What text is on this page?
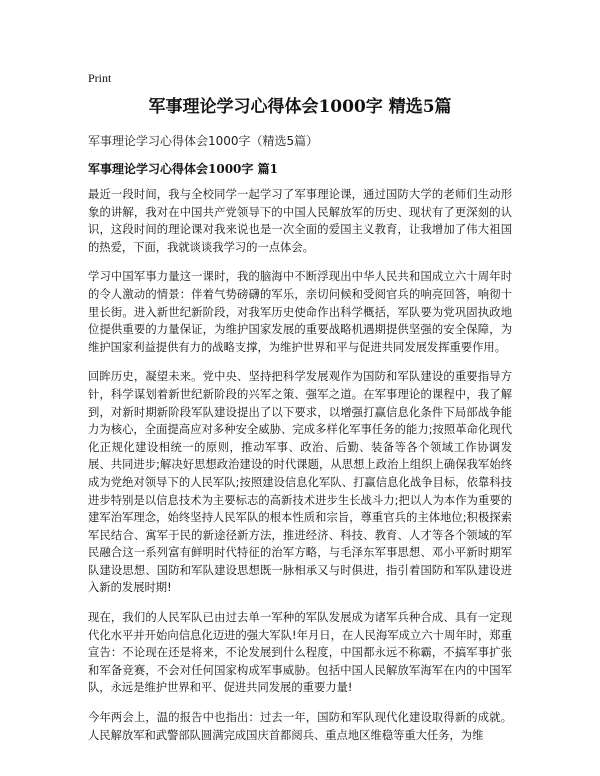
Print
军事理论学习心得体会1000字 精选5篇
军事理论学习心得体会1000字（精选5篇）
军事理论学习心得体会1000字 篇1

最近一段时间，我与全校同学一起学习了军事理论课，通过国防大学的老师们生动形象的讲解，我对在中国共产党领导下的中国人民解放军的历史、现状有了更深刻的认识，这段时间的理论课对我来说也是一次全面的爱国主义教育，让我增加了伟大祖国的热爱，下面，我就谈谈我学习的一点体会。

学习中国军事力量这一课时，我的脑海中不断浮现出中华人民共和国成立六十周年时的令人激动的情景：伴着气势磅礴的军乐，亲切问候和受阅官兵的响亮回答，响彻十里长街。进入新世纪新阶段，对我军历史使命作出科学概括，军队要为党巩固执政地位提供重要的力量保证，为维护国家发展的重要战略机遇期提供坚强的安全保障，为维护国家利益提供有力的战略支撑，为维护世界和平与促进共同发展发挥重要作用。

回眸历史，凝望未来。党中央、坚持把科学发展观作为国防和军队建设的重要指导方针，科学谋划着新世纪新阶段的兴军之策、强军之道。在军事理论的课程中，我了解到，对新时期新阶段军队建设提出了以下要求，以增强打赢信息化条件下局部战争能力为核心，全面提高应对多种安全威胁、完成多样化军事任务的能力;按照革命化现代化正规化建设相统一的原则，推动军事、政治、后勤、装备等各个领域工作协调发展、共同进步;解决好思想政治建设的时代课题，从思想上政治上组织上确保我军始终成为党绝对领导下的人民军队;按照建设信息化军队、打赢信息化战争目标，依靠科技进步特别是以信息技术为主要标志的高新技术进步生长战斗力;把以人为本作为重要的建军治军理念，始终坚持人民军队的根本性质和宗旨，尊重官兵的主体地位;积极探索军民结合、寓军于民的新途径新方法，推进经济、科技、教育、人才等各个领域的军民融合这一系列富有鲜明时代特征的治军方略，与毛泽东军事思想、邓小平新时期军队建设思想、国防和军队建设思想既一脉相承又与时俱进，指引着国防和军队建设进入新的发展时期!

现在，我们的人民军队已由过去单一军种的军队发展成为诸军兵种合成、具有一定现代化水平并开始向信息化迈进的强大军队!年月日，在人民海军成立六十周年时，郑重宣告：不论现在还是将来，不论发展到什么程度，中国都永远不称霸，不搞军事扩张和军备竞赛，不会对任何国家构成军事威胁。包括中国人民解放军海军在内的中国军队，永远是维护世界和平、促进共同发展的重要力量!

今年两会上，温的报告中也指出：过去一年，国防和军队现代化建设取得新的成就。人民解放军和武警部队圆满完成国庆首都阅兵、重点地区维稳等重大任务，为维
